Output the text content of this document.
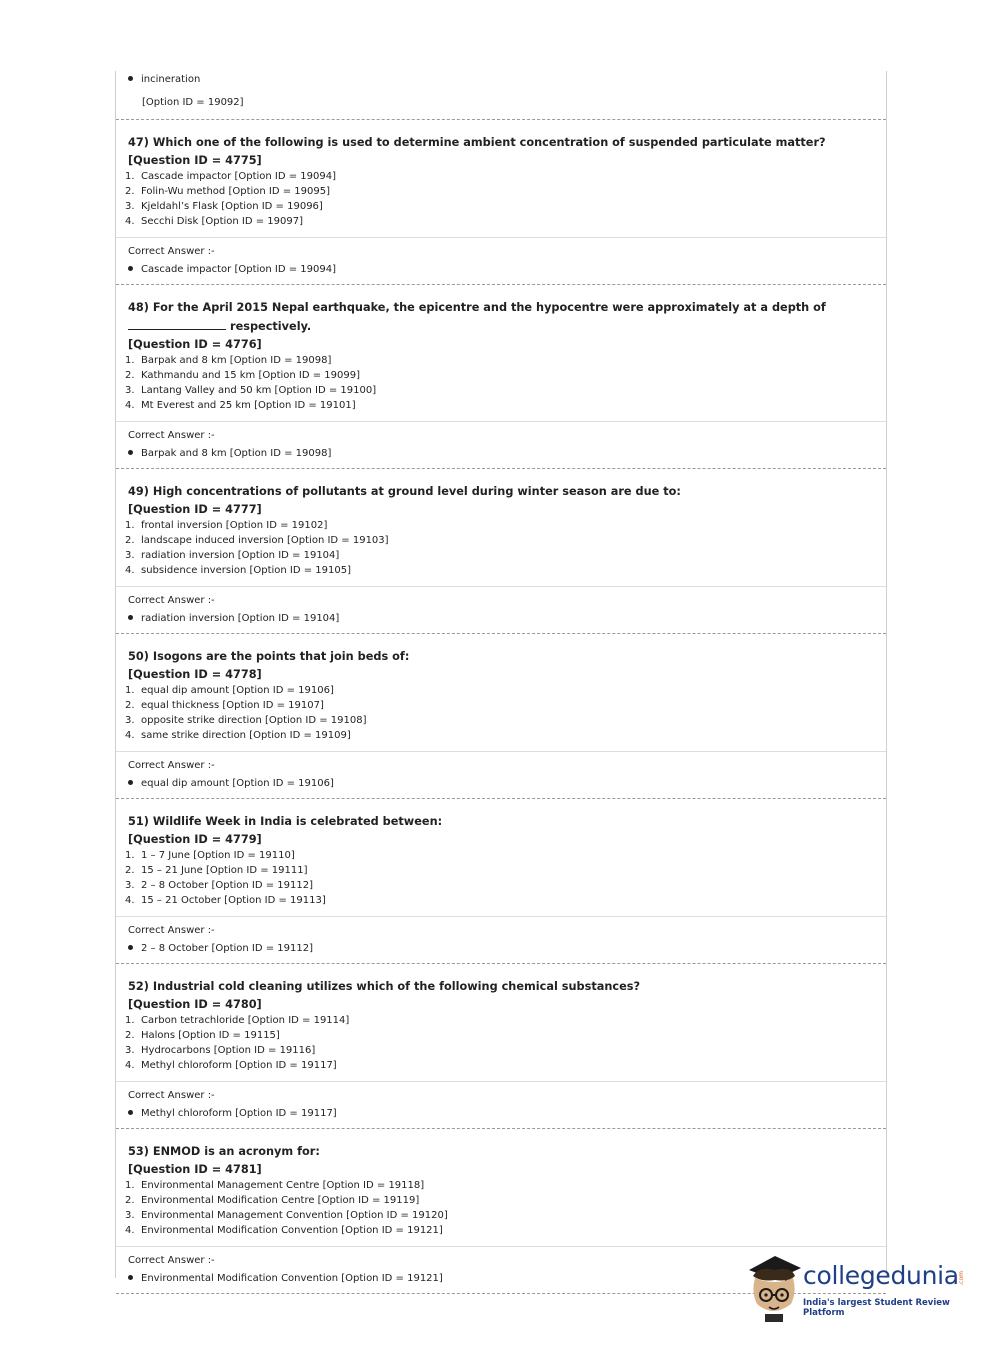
incineration
[Option ID = 19092]
47) Which one of the following is used to determine ambient concentration of suspended particulate matter?
[Question ID = 4775]
1. Cascade impactor [Option ID = 19094]
2. Folin-Wu method [Option ID = 19095]
3. Kjeldahl’s Flask [Option ID = 19096]
4. Secchi Disk [Option ID = 19097]
Correct Answer :-
Cascade impactor [Option ID = 19094]
48) For the April 2015 Nepal earthquake, the epicentre and the hypocentre were approximately at a depth of
respectively.
[Question ID = 4776]
1. Barpak and 8 km [Option ID = 19098]
2. Kathmandu and 15 km [Option ID = 19099]
3. Lantang Valley and 50 km [Option ID = 19100]
4. Mt Everest and 25 km [Option ID = 19101]
Correct Answer :-
Barpak and 8 km [Option ID = 19098]
49) High concentrations of pollutants at ground level during winter season are due to:
[Question ID = 4777]
1. frontal inversion [Option ID = 19102]
2. landscape induced inversion [Option ID = 19103]
3. radiation inversion [Option ID = 19104]
4. subsidence inversion [Option ID = 19105]
Correct Answer :-
radiation inversion [Option ID = 19104]
50) Isogons are the points that join beds of:
[Question ID = 4778]
1. equal dip amount [Option ID = 19106]
2. equal thickness [Option ID = 19107]
3. opposite strike direction [Option ID = 19108]
4. same strike direction [Option ID = 19109]
Correct Answer :-
equal dip amount [Option ID = 19106]
51) Wildlife Week in India is celebrated between:
[Question ID = 4779]
1. 1 – 7 June [Option ID = 19110]
2. 15 – 21 June [Option ID = 19111]
3. 2 – 8 October [Option ID = 19112]
4. 15 – 21 October [Option ID = 19113]
Correct Answer :-
2 – 8 October [Option ID = 19112]
52) Industrial cold cleaning utilizes which of the following chemical substances?
[Question ID = 4780]
1. Carbon tetrachloride [Option ID = 19114]
2. Halons [Option ID = 19115]
3. Hydrocarbons [Option ID = 19116]
4. Methyl chloroform [Option ID = 19117]
Correct Answer :-
Methyl chloroform [Option ID = 19117]
53) ENMOD is an acronym for:
[Question ID = 4781]
1. Environmental Management Centre [Option ID = 19118]
2. Environmental Modification Centre [Option ID = 19119]
3. Environmental Management Convention [Option ID = 19120]
4. Environmental Modification Convention [Option ID = 19121]
Correct Answer :-
Environmental Modification Convention [Option ID = 19121]	collegedunia .com
India's largest Student Review Platform
